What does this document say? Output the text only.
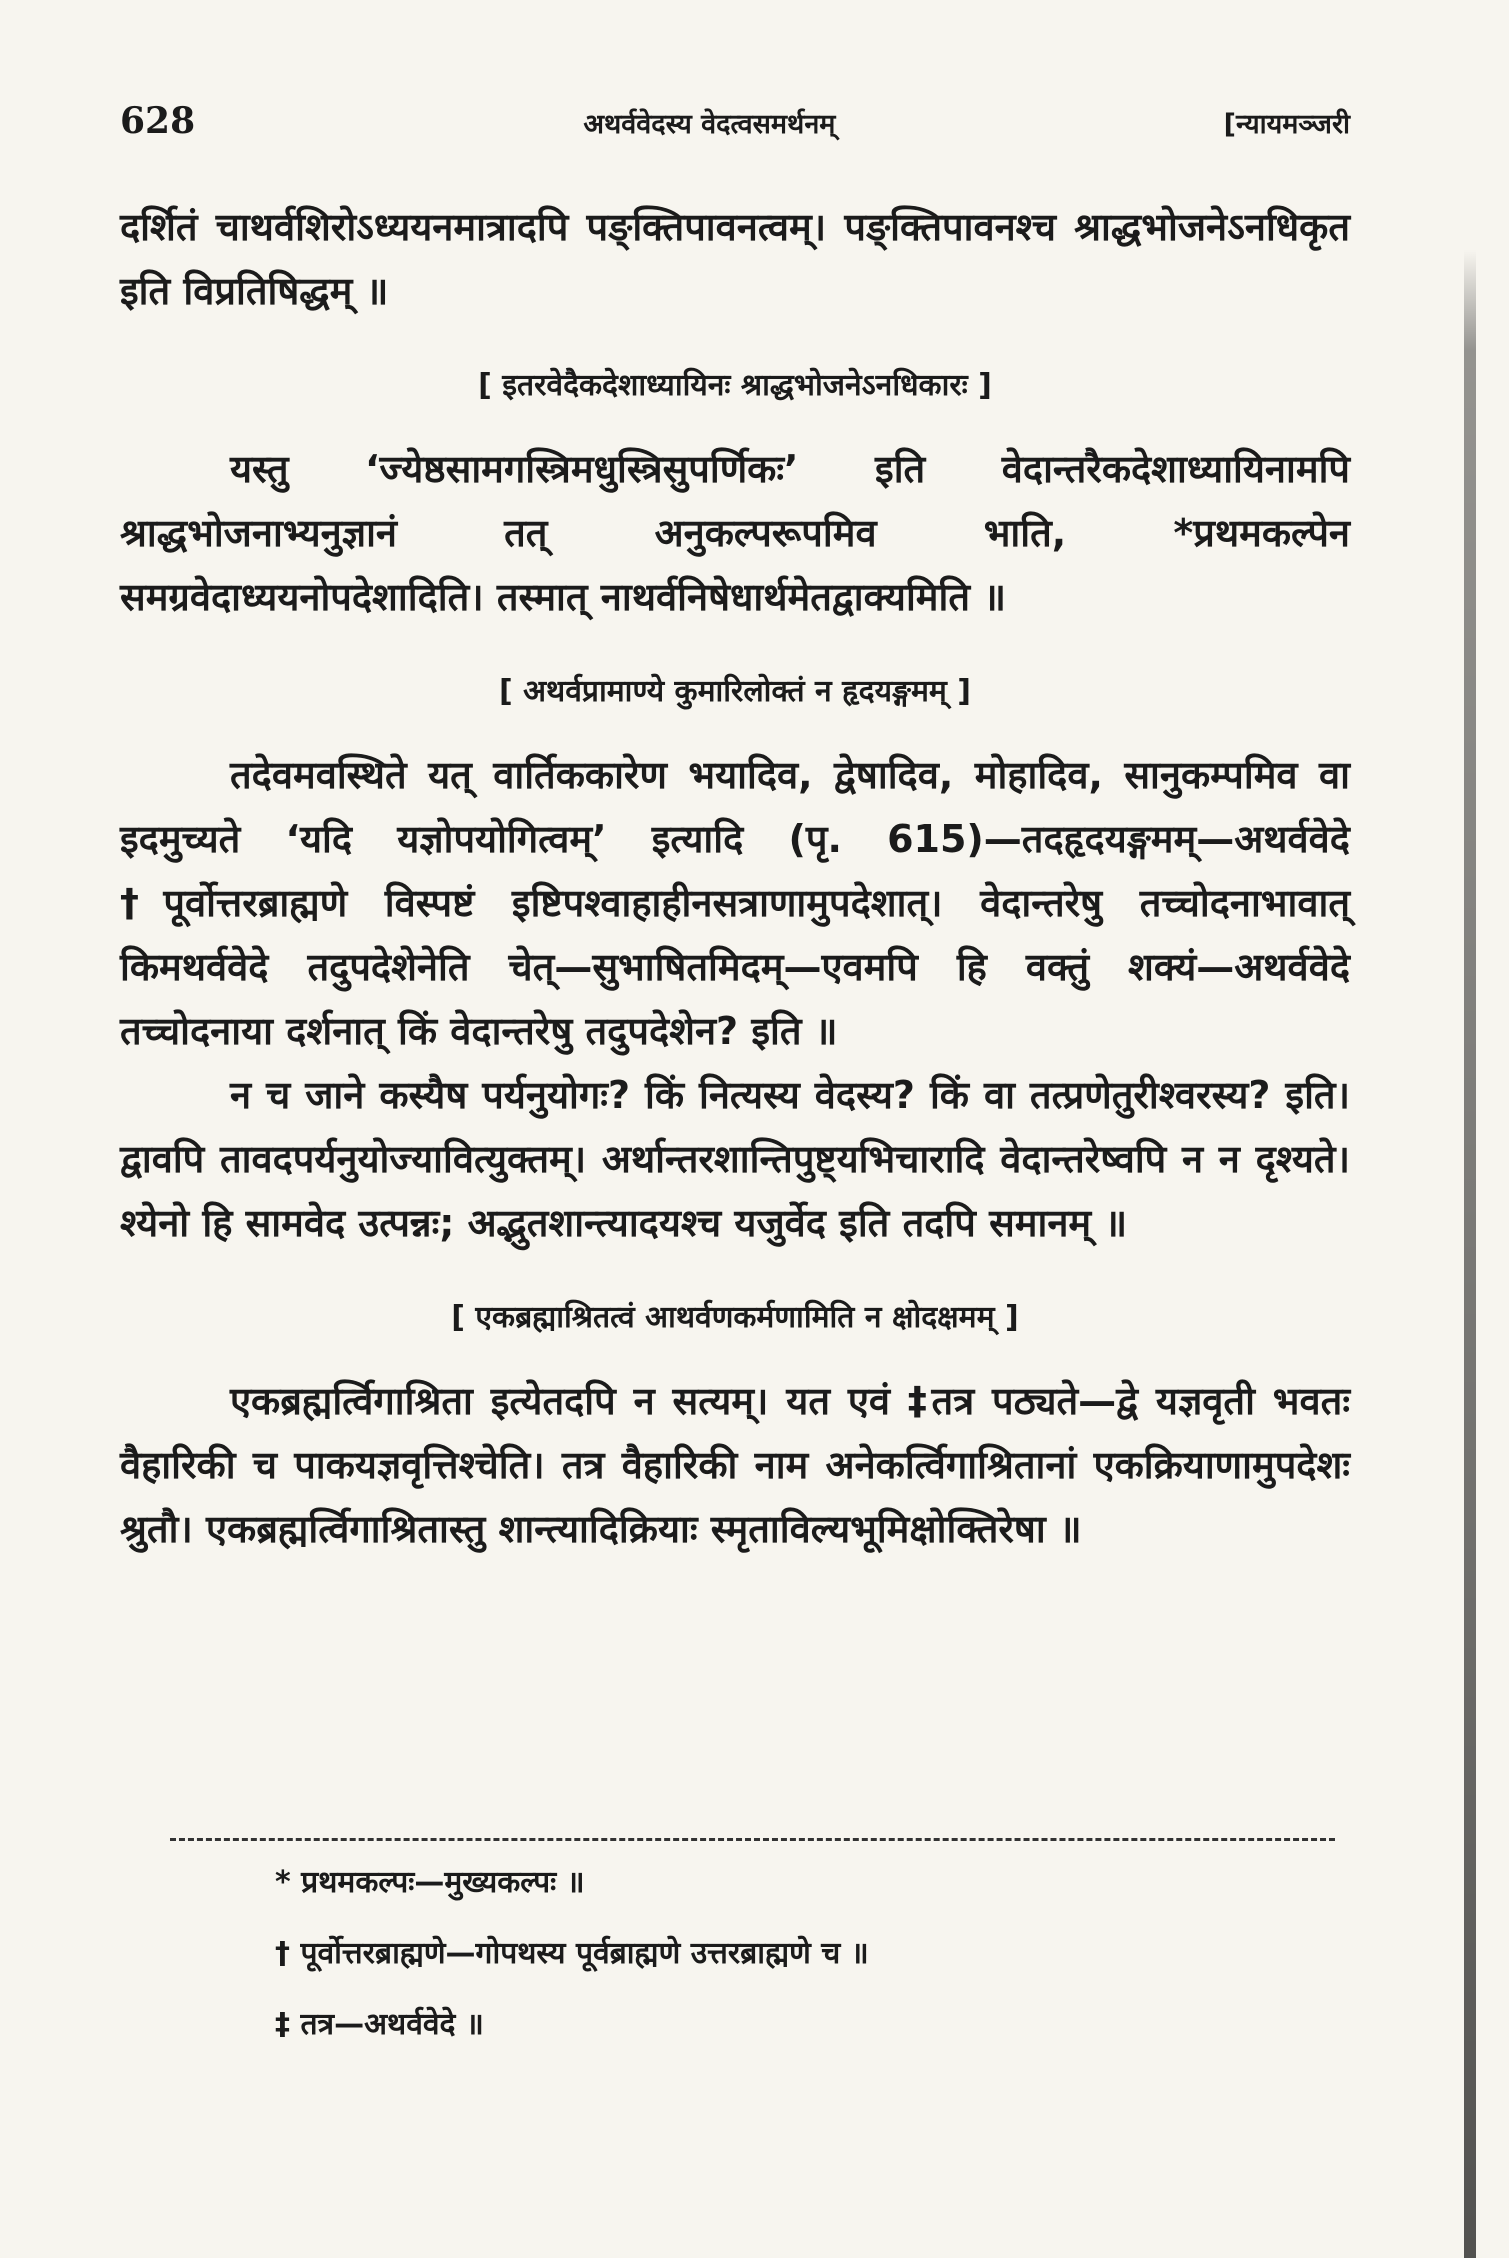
628	अथर्ववेदस्य वेदत्वसमर्थनम्	[न्यायमञ्जरी

दर्शितं चाथर्वशिरोऽध्ययनमात्रादपि पङ्क्तिपावनत्वम्। पङ्क्तिपावनश्च श्राद्धभोजनेऽनधिकृत इति विप्रतिषिद्धम् ॥

[ इतरवेदैकदेशाध्यायिनः श्राद्धभोजनेऽनधिकारः ]

यस्तु ‘ज्येष्ठसामगस्त्रिमधुस्त्रिसुपर्णिकः’ इति वेदान्तरैकदेशाध्यायिनामपि श्राद्धभोजनाभ्यनुज्ञानं तत् अनुकल्परूपमिव भाति, *प्रथमकल्पेन समग्रवेदाध्ययनोपदेशादिति। तस्मात् नाथर्वनिषेधार्थमेतद्वाक्यमिति ॥

[ अथर्वप्रामाण्ये कुमारिलोक्तं न हृदयङ्गमम् ]

तदेवमवस्थिते यत् वार्तिककारेण भयादिव, द्वेषादिव, मोहादिव, सानुकम्पमिव वा इदमुच्यते ‘यदि यज्ञोपयोगित्वम्’ इत्यादि (पृ. 615)—तदहृदयङ्गमम्—अथर्ववेदे †पूर्वोत्तरब्राह्मणे विस्पष्टं इष्टिपश्वाहाहीनसत्राणामुपदेशात्। वेदान्तरेषु तच्चोदनाभावात् किमथर्ववेदे तदुपदेशेनेति चेत्—सुभाषितमिदम्—एवमपि हि वक्तुं शक्यं—अथर्ववेदे तच्चोदनाया दर्शनात् किं वेदान्तरेषु तदुपदेशेन? इति ॥

न च जाने कस्यैष पर्यनुयोगः? किं नित्यस्य वेदस्य? किं वा तत्प्रणेतुरीश्वरस्य? इति। द्वावपि तावदपर्यनुयोज्यावित्युक्तम्। अर्थान्तरशान्तिपुष्ट्यभिचारादि वेदान्तरेष्वपि न न दृश्यते। श्येनो हि सामवेद उत्पन्नः; अद्भुतशान्त्यादयश्च यजुर्वेद इति तदपि समानम् ॥

[ एकब्रह्माश्रितत्वं आथर्वणकर्मणामिति न क्षोदक्षमम् ]

एकब्रह्मर्त्विगाश्रिता इत्येतदपि न सत्यम्। यत एवं ‡तत्र पठ्यते—द्वे यज्ञवृती भवतः वैहारिकी च पाकयज्ञवृत्तिश्चेति। तत्र वैहारिकी नाम अनेकर्त्विगाश्रितानां एकक्रियाणामुपदेशः श्रुतौ। एकब्रह्मर्त्विगाश्रितास्तु शान्त्यादिक्रियाः स्मृताविल्यभूमिक्षोक्तिरेषा ॥

* प्रथमकल्पः—मुख्यकल्पः ॥

† पूर्वोत्तरब्राह्मणे—गोपथस्य पूर्वब्राह्मणे उत्तरब्राह्मणे च ॥

‡ तत्र—अथर्ववेदे ॥
